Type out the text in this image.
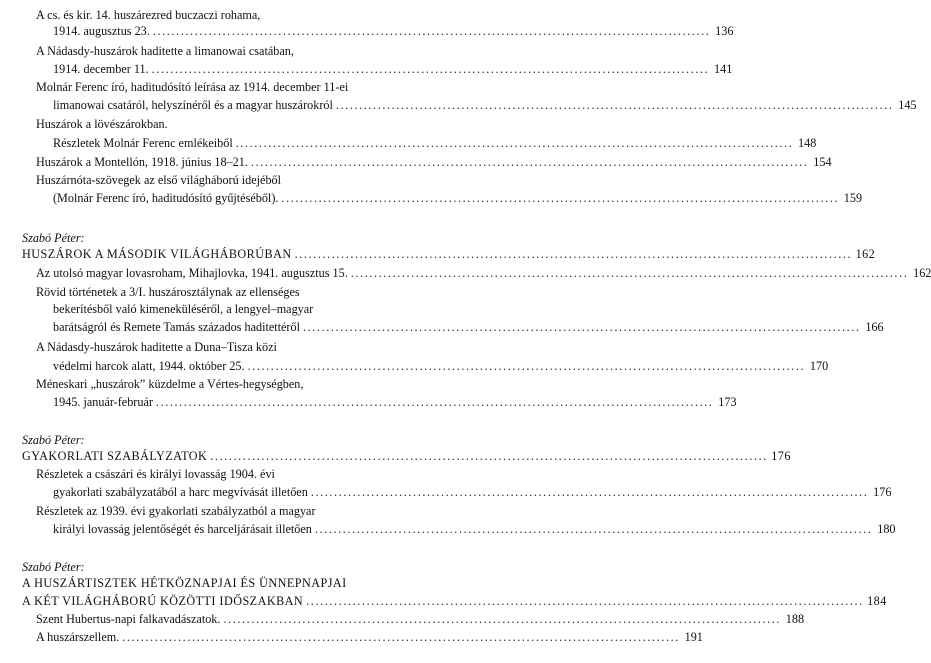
A cs. és kir. 14. huszárezred buczaczi rohama,
1914. augusztus 23. ........................................................................................................................ 136
A Nádasdy-huszárok haditette a limanowai csatában,
1914. december 11. ........................................................................................................................ 141
Molnár Ferenc író, haditudósító leírása az 1914. december 11-ei
limanowai csatáról, helyszínéről és a magyar huszárokról ........................................................................................................................ 145
Huszárok a lövészárokban.
Részletek Molnár Ferenc emlékeiből ........................................................................................................................ 148
Huszárok a Montellón, 1918. június 18–21. ........................................................................................................................ 154
Huszárnóta-szövegek az első világháború idejéből
(Molnár Ferenc író, haditudósító gyűjtéséből). ........................................................................................................................ 159
Szabó Péter:
HUSZÁROK A MÁSODIK VILÁGHÁBORÚBAN ........................................................................................................................ 162
Az utolsó magyar lovasroham, Mihajlovka, 1941. augusztus 15. ........................................................................................................................ 162
Rövid történetek a 3/I. huszárosztálynak az ellenséges
bekerítésből való kimeneküléséről, a lengyel–magyar
barátságról és Remete Tamás százados haditettéről ........................................................................................................................ 166
A Nádasdy-huszárok haditette a Duna–Tisza közi
védelmi harcok alatt, 1944. október 25. ........................................................................................................................ 170
Méneskari „huszárok” küzdelme a Vértes-hegységben,
1945. január-február ........................................................................................................................ 173
Szabó Péter:
GYAKORLATI SZABÁLYZATOK ........................................................................................................................ 176
Részletek a császári és királyi lovasság 1904. évi
gyakorlati szabályzatából a harc megvívását illetően ........................................................................................................................ 176
Részletek az 1939. évi gyakorlati szabályzatból a magyar
királyi lovasság jelentőségét és harceljárásait illetően ........................................................................................................................ 180
Szabó Péter:
A HUSZÁRTISZTEK HÉTKÖZNAPJAI ÉS ÜNNEPNAPJAI
A KÉT VILÁGHÁBORÚ KÖZÖTTI IDŐSZAKBAN ........................................................................................................................ 184
Szent Hubertus-napi falkavadászatok. ........................................................................................................................ 188
A huszárszellem. ........................................................................................................................ 191
